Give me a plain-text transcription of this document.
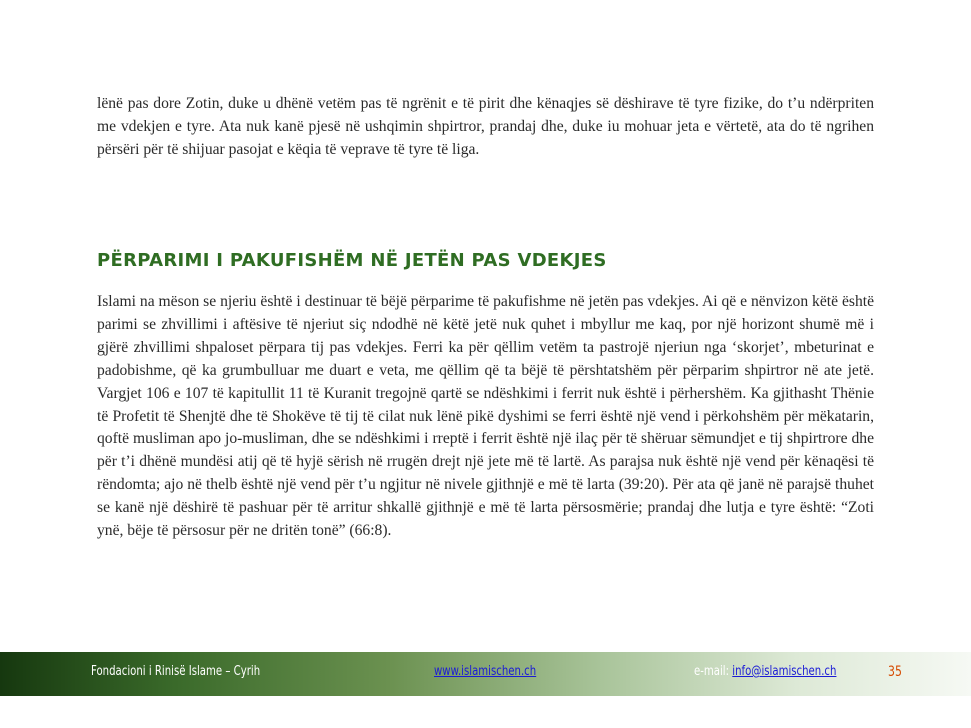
lënë pas dore Zotin, duke u dhënë vetëm pas të ngrënit e të pirit dhe kënaqjes së dëshirave të tyre fizike, do t’u ndërpriten me vdekjen e tyre. Ata nuk kanë pjesë në ushqimin shpirtror, prandaj dhe, duke iu mohuar jeta e vërtetë, ata do të ngrihen përsëri për të shijuar pasojat e këqia të veprave të tyre të liga.

PËRPARIMI I PAKUFISHËM NË JETËN PAS VDEKJES

Islami na mëson se njeriu është i destinuar të bëjë përparime të pakufishme në jetën pas vdekjes. Ai që e nënvizon këtë është parimi se zhvillimi i aftësive të njeriut siç ndodhë në këtë jetë nuk quhet i mbyllur me kaq, por një horizont shumë më i gjërë zhvillimi shpaloset përpara tij pas vdekjes. Ferri ka për qëllim vetëm ta pastrojë njeriun nga ‘skorjet’, mbeturinat e padobishme, që ka grumbulluar me duart e veta, me qëllim që ta bëjë të përshtatshëm për përparim shpirtror në ate jetë. Vargjet 106 e 107 të kapitullit 11 të Kuranit tregojnë qartë se ndëshkimi i ferrit nuk është i përhershëm. Ka gjithasht Thënie të Profetit të Shenjtë dhe të Shokëve të tij të cilat nuk lënë pikë dyshimi se ferri është një vend i përkohshëm për mëkatarin, qoftë musliman apo jo-musliman, dhe se ndëshkimi i rreptë i ferrit është një ilaç për të shëruar sëmundjet e tij shpirtrore dhe për t’i dhënë mundësi atij që të hyjë sërish në rrugën drejt një jete më të lartë. As parajsa nuk është një vend për kënaqësi të rëndomta; ajo në thelb është një vend për t’u ngjitur në nivele gjithnjë e më të larta (39:20). Për ata që janë në parajsë thuhet se kanë një dëshirë të pashuar për të arritur shkallë gjithnjë e më të larta përsosmërie; prandaj dhe lutja e tyre është: “Zoti ynë, bëje të përsosur për ne dritën tonë” (66:8).

Fondacioni i Rinisë Islame – Cyrih	www.islamischen.ch	e-mail: info@islamischen.ch	35
